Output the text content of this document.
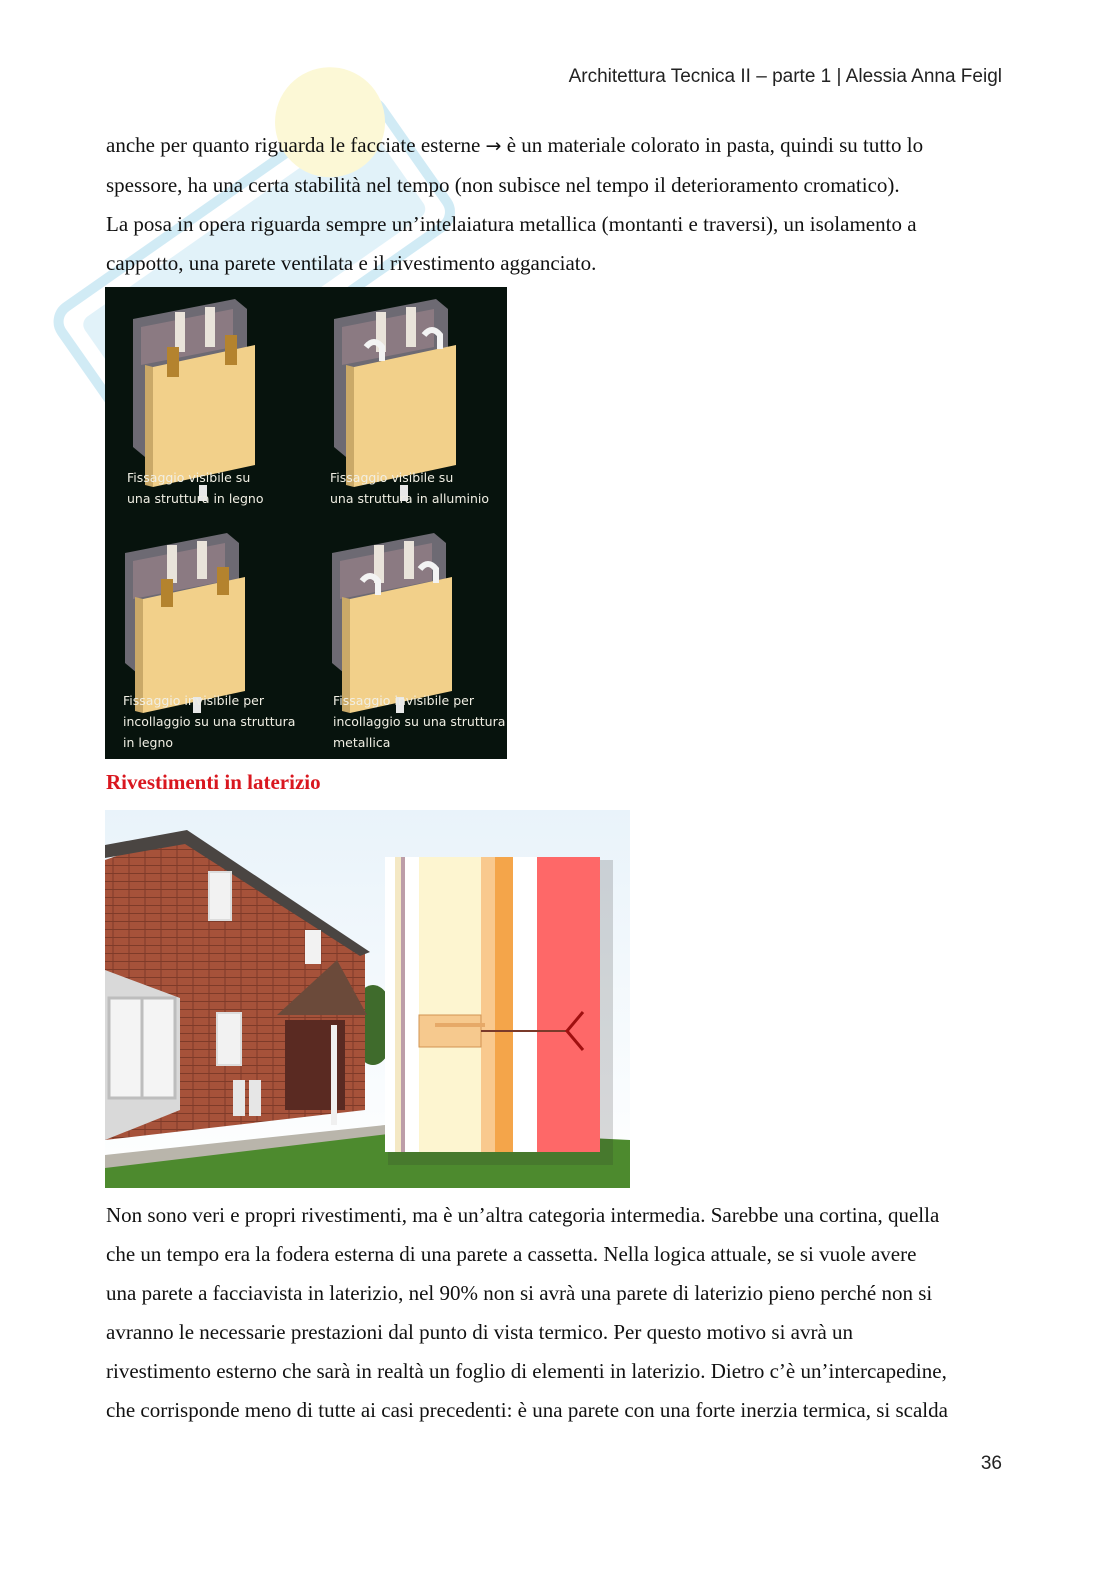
Architettura Tecnica II – parte 1 | Alessia Anna Feigl

anche per quanto riguarda le facciate esterne → è un materiale colorato in pasta, quindi su tutto lo
spessore, ha una certa stabilità nel tempo (non subisce nel tempo il deterioramento cromatico).
La posa in opera riguarda sempre un’intelaiatura metallica (montanti e traversi), un isolamento a
cappotto, una parete ventilata e il rivestimento agganciato.

Fissaggio visibile su
una struttura in legno
Fissaggio visibile su
una struttura in alluminio
Fissaggio invisibile per
incollaggio su una struttura
in legno
Fissaggio invisibile per
incollaggio su una struttura
metallica
Rivestimenti in laterizio

Non sono veri e propri rivestimenti, ma è un’altra categoria intermedia. Sarebbe una cortina, quella
che un tempo era la fodera esterna di una parete a cassetta. Nella logica attuale, se si vuole avere
una parete a facciavista in laterizio, nel 90% non si avrà una parete di laterizio pieno perché non si
avranno le necessarie prestazioni dal punto di vista termico. Per questo motivo si avrà un
rivestimento esterno che sarà in realtà un foglio di elementi in laterizio. Dietro c’è un’intercapedine,
che corrisponde meno di tutte ai casi precedenti: è una parete con una forte inerzia termica, si scalda

36
